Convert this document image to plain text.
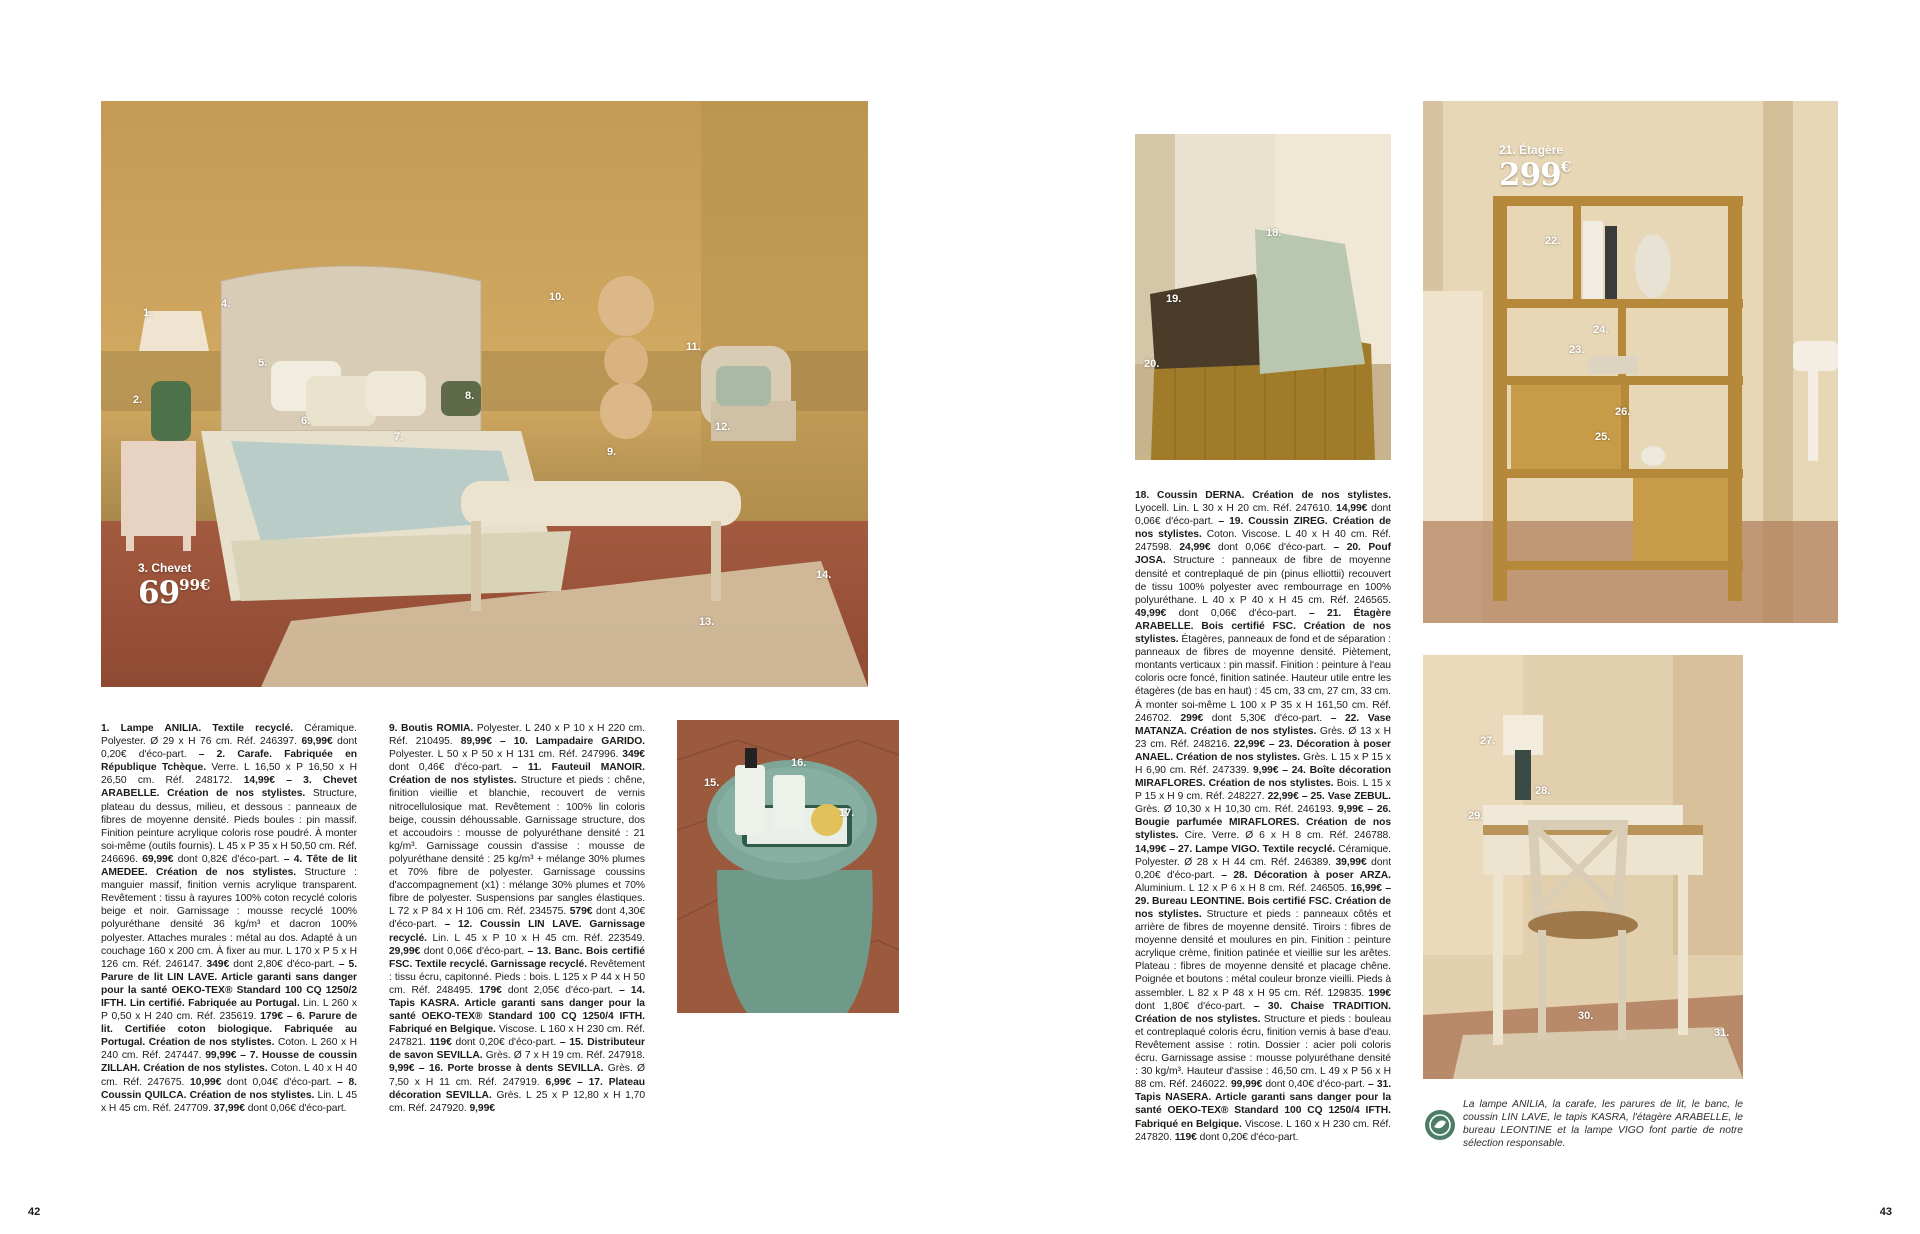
1.
2.
4.
5.
6.
7.
8.
9.
10.
11.
12.
13.
14.
3. Chevet
6999€
15.
16.
17.
18.
19.
20.
22.
23.
24.
25.
26.
21. Étagère
299€
27.
28.
29.
30.
31.
1. Lampe ANILIA. Textile recyclé. Céramique. Polyester. Ø 29 x H 76 cm. Réf. 246397. 69,99€ dont 0,20€ d'éco-part. – 2. Carafe. Fabriquée en République Tchèque. Verre. L 16,50 x P 16,50 x H 26,50 cm. Réf. 248172. 14,99€ – 3. Chevet ARABELLE. Création de nos stylistes. Structure, plateau du dessus, milieu, et dessous : panneaux de fibres de moyenne densité. Pieds boules : pin massif. Finition peinture acrylique coloris rose poudré. À monter soi-même (outils fournis). L 45 x P 35 x H 50,50 cm. Réf. 246696. 69,99€ dont 0,82€ d'éco-part. – 4. Tête de lit AMEDEE. Création de nos stylistes. Structure : manguier massif, finition vernis acrylique transparent. Revêtement : tissu à rayures 100% coton recyclé coloris beige et noir. Garnissage : mousse recyclé 100% polyuréthane densité 36 kg/m³ et dacron 100% polyester. Attaches murales : métal au dos. Adapté à un couchage 160 x 200 cm. À fixer au mur. L 170 x P 5 x H 126 cm. Réf. 246147. 349€ dont 2,80€ d'éco-part. – 5. Parure de lit LIN LAVE. Article garanti sans danger pour la santé OEKO-TEX® Standard 100 CQ 1250/2 IFTH. Lin certifié. Fabriquée au Portugal. Lin. L 260 x P 0,50 x H 240 cm. Réf. 235619. 179€ – 6. Parure de lit. Certifiée coton biologique. Fabriquée au Portugal. Création de nos stylistes. Coton. L 260 x H 240 cm. Réf. 247447. 99,99€ – 7. Housse de coussin ZILLAH. Création de nos stylistes. Coton. L 40 x H 40 cm. Réf. 247675. 10,99€ dont 0,04€ d'éco-part. – 8. Coussin QUILCA. Création de nos stylistes. Lin. L 45 x H 45 cm. Réf. 247709. 37,99€ dont 0,06€ d'éco-part.
9. Boutis ROMIA. Polyester. L 240 x P 10 x H 220 cm. Réf. 210495. 89,99€ – 10. Lampadaire GARIDO. Polyester. L 50 x P 50 x H 131 cm. Réf. 247996. 349€ dont 0,46€ d'éco-part. – 11. Fauteuil MANOIR. Création de nos stylistes. Structure et pieds : chêne, finition vieillie et blanchie, recouvert de vernis nitrocellulosique mat. Revêtement : 100% lin coloris beige, coussin déhoussable. Garnissage structure, dos et accoudoirs : mousse de polyuréthane densité : 21 kg/m³. Garnissage coussin d'assise : mousse de polyuréthane densité : 25 kg/m³ + mélange 30% plumes et 70% fibre de polyester. Garnissage coussins d'accompagnement (x1) : mélange 30% plumes et 70% fibre de polyester. Suspensions par sangles élastiques. L 72 x P 84 x H 106 cm. Réf. 234575. 579€ dont 4,30€ d'éco-part. – 12. Coussin LIN LAVE. Garnissage recyclé. Lin. L 45 x P 10 x H 45 cm. Réf. 223549. 29,99€ dont 0,06€ d'éco-part. – 13. Banc. Bois certifié FSC. Textile recyclé. Garnissage recyclé. Revêtement : tissu écru, capitonné. Pieds : bois. L 125 x P 44 x H 50 cm. Réf. 248495. 179€ dont 2,05€ d'éco-part. – 14. Tapis KASRA. Article garanti sans danger pour la santé OEKO-TEX® Standard 100 CQ 1250/4 IFTH. Fabriqué en Belgique. Viscose. L 160 x H 230 cm. Réf. 247821. 119€ dont 0,20€ d'éco-part. – 15. Distributeur de savon SEVILLA. Grès. Ø 7 x H 19 cm. Réf. 247918. 9,99€ – 16. Porte brosse à dents SEVILLA. Grès. Ø 7,50 x H 11 cm. Réf. 247919. 6,99€ – 17. Plateau décoration SEVILLA. Grès. L 25 x P 12,80 x H 1,70 cm. Réf. 247920. 9,99€
18. Coussin DERNA. Création de nos stylistes. Lyocell. Lin. L 30 x H 20 cm. Réf. 247610. 14,99€ dont 0,06€ d'éco-part. – 19. Coussin ZIREG. Création de nos stylistes. Coton. Viscose. L 40 x H 40 cm. Réf. 247598. 24,99€ dont 0,06€ d'éco-part. – 20. Pouf JOSA. Structure : panneaux de fibre de moyenne densité et contreplaqué de pin (pinus elliottii) recouvert de tissu 100% polyester avec rembourrage en 100% polyuréthane. L 40 x P 40 x H 45 cm. Réf. 246565. 49,99€ dont 0,06€ d'éco-part. – 21. Étagère ARABELLE. Bois certifié FSC. Création de nos stylistes. Étagères, panneaux de fond et de séparation : panneaux de fibres de moyenne densité. Piètement, montants verticaux : pin massif. Finition : peinture à l'eau coloris ocre foncé, finition satinée. Hauteur utile entre les étagères (de bas en haut) : 45 cm, 33 cm, 27 cm, 33 cm. À monter soi-même L 100 x P 35 x H 161,50 cm. Réf. 246702. 299€ dont 5,30€ d'éco-part. – 22. Vase MATANZA. Création de nos stylistes. Grès. Ø 13 x H 23 cm. Réf. 248216. 22,99€ – 23. Décoration à poser ANAEL. Création de nos stylistes. Grès. L 15 x P 15 x H 6,90 cm. Réf. 247339. 9,99€ – 24. Boîte décoration MIRAFLORES. Création de nos stylistes. Bois. L 15 x P 15 x H 9 cm. Réf. 248227. 22,99€ – 25. Vase ZEBUL. Grès. Ø 10,30 x H 10,30 cm. Réf. 246193. 9,99€ – 26. Bougie parfumée MIRAFLORES. Création de nos stylistes. Cire. Verre. Ø 6 x H 8 cm. Réf. 246788. 14,99€ – 27. Lampe VIGO. Textile recyclé. Céramique. Polyester. Ø 28 x H 44 cm. Réf. 246389. 39,99€ dont 0,20€ d'éco-part. – 28. Décoration à poser ARZA. Aluminium. L 12 x P 6 x H 8 cm. Réf. 246505. 16,99€ – 29. Bureau LEONTINE. Bois certifié FSC. Création de nos stylistes. Structure et pieds : panneaux côtés et arrière de fibres de moyenne densité. Tiroirs : fibres de moyenne densité et moulures en pin. Finition : peinture acrylique crème, finition patinée et vieillie sur les arêtes. Plateau : fibres de moyenne densité et placage chêne. Poignée et boutons : métal couleur bronze vieilli. Pieds à assembler. L 82 x P 48 x H 95 cm. Réf. 129835. 199€ dont 1,80€ d'éco-part. – 30. Chaise TRADITION. Création de nos stylistes. Structure et pieds : bouleau et contreplaqué coloris écru, finition vernis à base d'eau. Revêtement assise : rotin. Dossier : acier poli coloris écru. Garnissage assise : mousse polyuréthane densité : 30 kg/m³. Hauteur d'assise : 46,50 cm. L 49 x P 56 x H 88 cm. Réf. 246022. 99,99€ dont 0,40€ d'éco-part. – 31. Tapis NASERA. Article garanti sans danger pour la santé OEKO-TEX® Standard 100 CQ 1250/4 IFTH. Fabriqué en Belgique. Viscose. L 160 x H 230 cm. Réf. 247820. 119€ dont 0,20€ d'éco-part.
La lampe ANILIA, la carafe, les parures de lit, le banc, le coussin LIN LAVE, le tapis KASRA, l'étagère ARABELLE, le bureau LEONTINE et la lampe VIGO font partie de notre sélection responsable.
42	43
